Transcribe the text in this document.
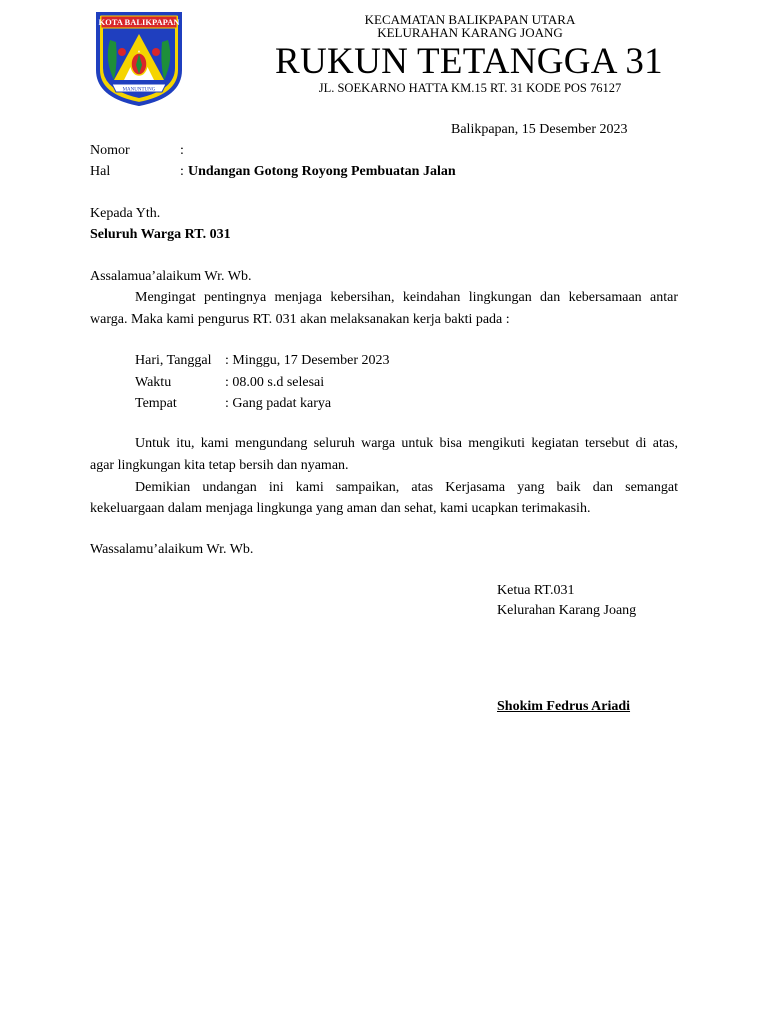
KOTA BALIKPAPAN
MANUNTUNG
KECAMATAN BALIKPAPAN UTARA
KELURAHAN KARANG JOANG
RUKUN TETANGGA 31
JL. SOEKARNO HATTA KM.15 RT. 31 KODE POS 76127
Balikpapan, 15 Desember 2023
Nomor	:
Hal	: Undangan Gotong Royong Pembuatan Jalan
Kepada Yth.
Seluruh Warga RT. 031
Assalamua’alaikum Wr. Wb.
Mengingat pentingnya menjaga kebersihan, keindahan lingkungan dan kebersamaan antar
warga. Maka kami pengurus RT. 031 akan melaksanakan kerja bakti pada :
Hari, Tanggal : Minggu, 17 Desember 2023
Waktu	: 08.00 s.d selesai
Tempat	: Gang padat karya
Untuk itu, kami mengundang seluruh warga untuk bisa mengikuti kegiatan tersebut di atas,
agar lingkungan kita tetap bersih dan nyaman.
Demikian undangan ini kami sampaikan, atas Kerjasama yang baik dan semangat
kekeluargaan dalam menjaga lingkunga yang aman dan sehat, kami ucapkan terimakasih.
Wassalamu’alaikum Wr. Wb.
Ketua RT.031
Kelurahan Karang Joang
Shokim Fedrus Ariadi
